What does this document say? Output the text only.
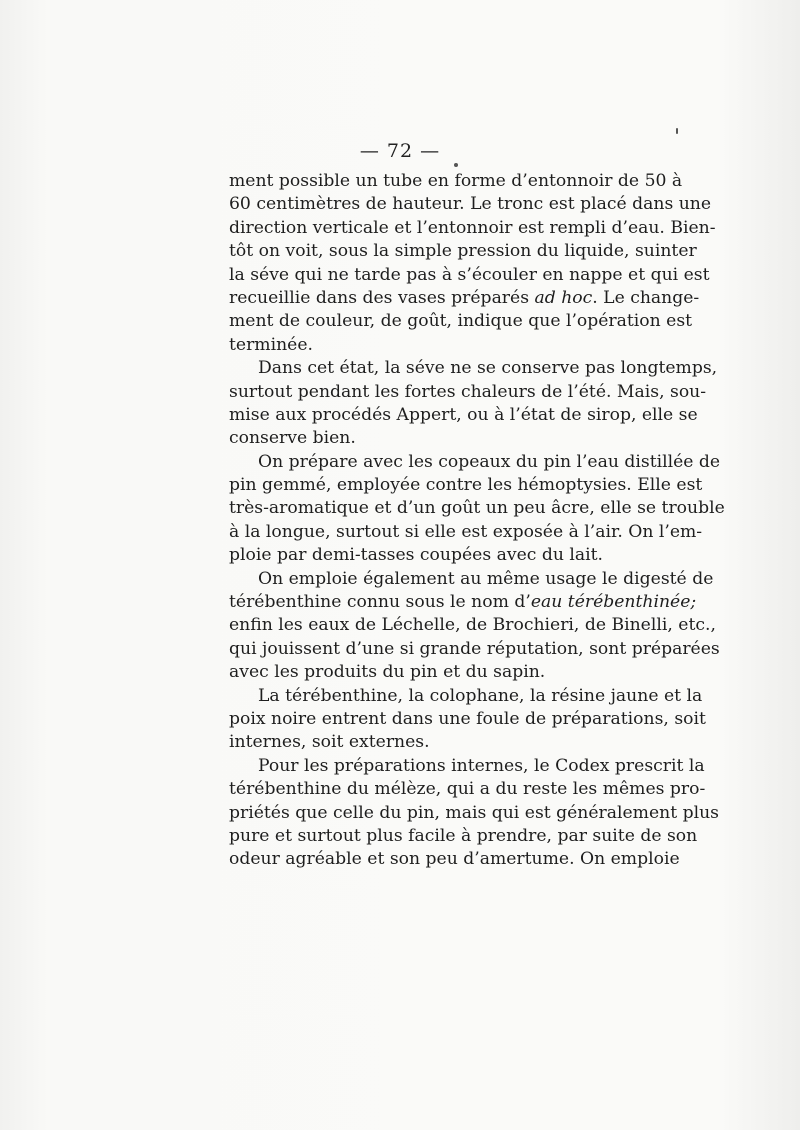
— 72 —
ment possible un tube en forme d’entonnoir de 50 à
60 centimètres de hauteur. Le tronc est placé dans une
direction verticale et l’entonnoir est rempli d’eau. Bien-
tôt on voit, sous la simple pression du liquide, suinter
la séve qui ne tarde pas à s’écouler en nappe et qui est
recueillie dans des vases préparés ad hoc. Le change-
ment de couleur, de goût, indique que l’opération est
terminée.
Dans cet état, la séve ne se conserve pas longtemps,
surtout pendant les fortes chaleurs de l’été. Mais, sou-
mise aux procédés Appert, ou à l’état de sirop, elle se
conserve bien.
On prépare avec les copeaux du pin l’eau distillée de
pin gemmé, employée contre les hémoptysies. Elle est
très-aromatique et d’un goût un peu âcre, elle se trouble
à la longue, surtout si elle est exposée à l’air. On l’em-
ploie par demi-tasses coupées avec du lait.
On emploie également au même usage le digesté de
térébenthine connu sous le nom d’eau térébenthinée;
enfin les eaux de Léchelle, de Brochieri, de Binelli, etc.,
qui jouissent d’une si grande réputation, sont préparées
avec les produits du pin et du sapin.
La térébenthine, la colophane, la résine jaune et la
poix noire entrent dans une foule de préparations, soit
internes, soit externes.
Pour les préparations internes, le Codex prescrit la
térébenthine du mélèze, qui a du reste les mêmes pro-
priétés que celle du pin, mais qui est généralement plus
pure et surtout plus facile à prendre, par suite de son
odeur agréable et son peu d’amertume. On emploie
